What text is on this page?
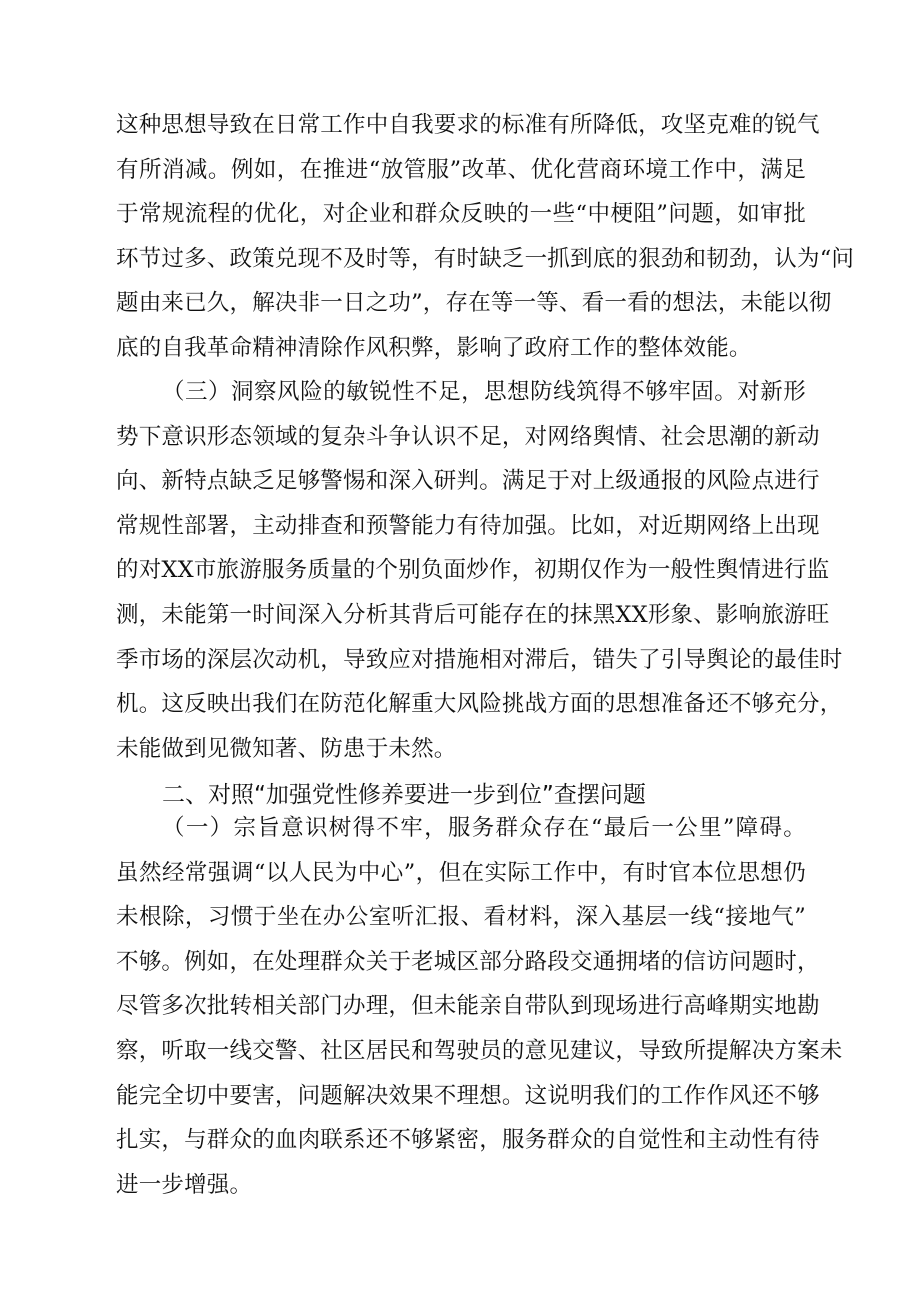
这种思想导致在日常工作中自我要求的标准有所降低，攻坚克难的锐气
有所消减。例如，在推进“放管服”改革、优化营商环境工作中，满足
于常规流程的优化，对企业和群众反映的一些“中梗阻”问题，如审批
环节过多、政策兑现不及时等，有时缺乏一抓到底的狠劲和韧劲，认为“问
题由来已久，解决非一日之功”，存在等一等、看一看的想法，未能以彻
底的自我革命精神清除作风积弊，影响了政府工作的整体效能。
（三）洞察风险的敏锐性不足，思想防线筑得不够牢固。对新形
势下意识形态领域的复杂斗争认识不足，对网络舆情、社会思潮的新动
向、新特点缺乏足够警惕和深入研判。满足于对上级通报的风险点进行
常规性部署，主动排查和预警能力有待加强。比如，对近期网络上出现
的对XX市旅游服务质量的个别负面炒作，初期仅作为一般性舆情进行监
测，未能第一时间深入分析其背后可能存在的抹黑XX形象、影响旅游旺
季市场的深层次动机，导致应对措施相对滞后，错失了引导舆论的最佳时
机。这反映出我们在防范化解重大风险挑战方面的思想准备还不够充分，
未能做到见微知著、防患于未然。
二、对照“加强党性修养要进一步到位”查摆问题
（一）宗旨意识树得不牢，服务群众存在“最后一公里”障碍。
虽然经常强调“以人民为中心”，但在实际工作中，有时官本位思想仍
未根除，习惯于坐在办公室听汇报、看材料，深入基层一线“接地气”
不够。例如，在处理群众关于老城区部分路段交通拥堵的信访问题时，
尽管多次批转相关部门办理，但未能亲自带队到现场进行高峰期实地勘
察，听取一线交警、社区居民和驾驶员的意见建议，导致所提解决方案未
能完全切中要害，问题解决效果不理想。这说明我们的工作作风还不够
扎实，与群众的血肉联系还不够紧密，服务群众的自觉性和主动性有待
进一步增强。
